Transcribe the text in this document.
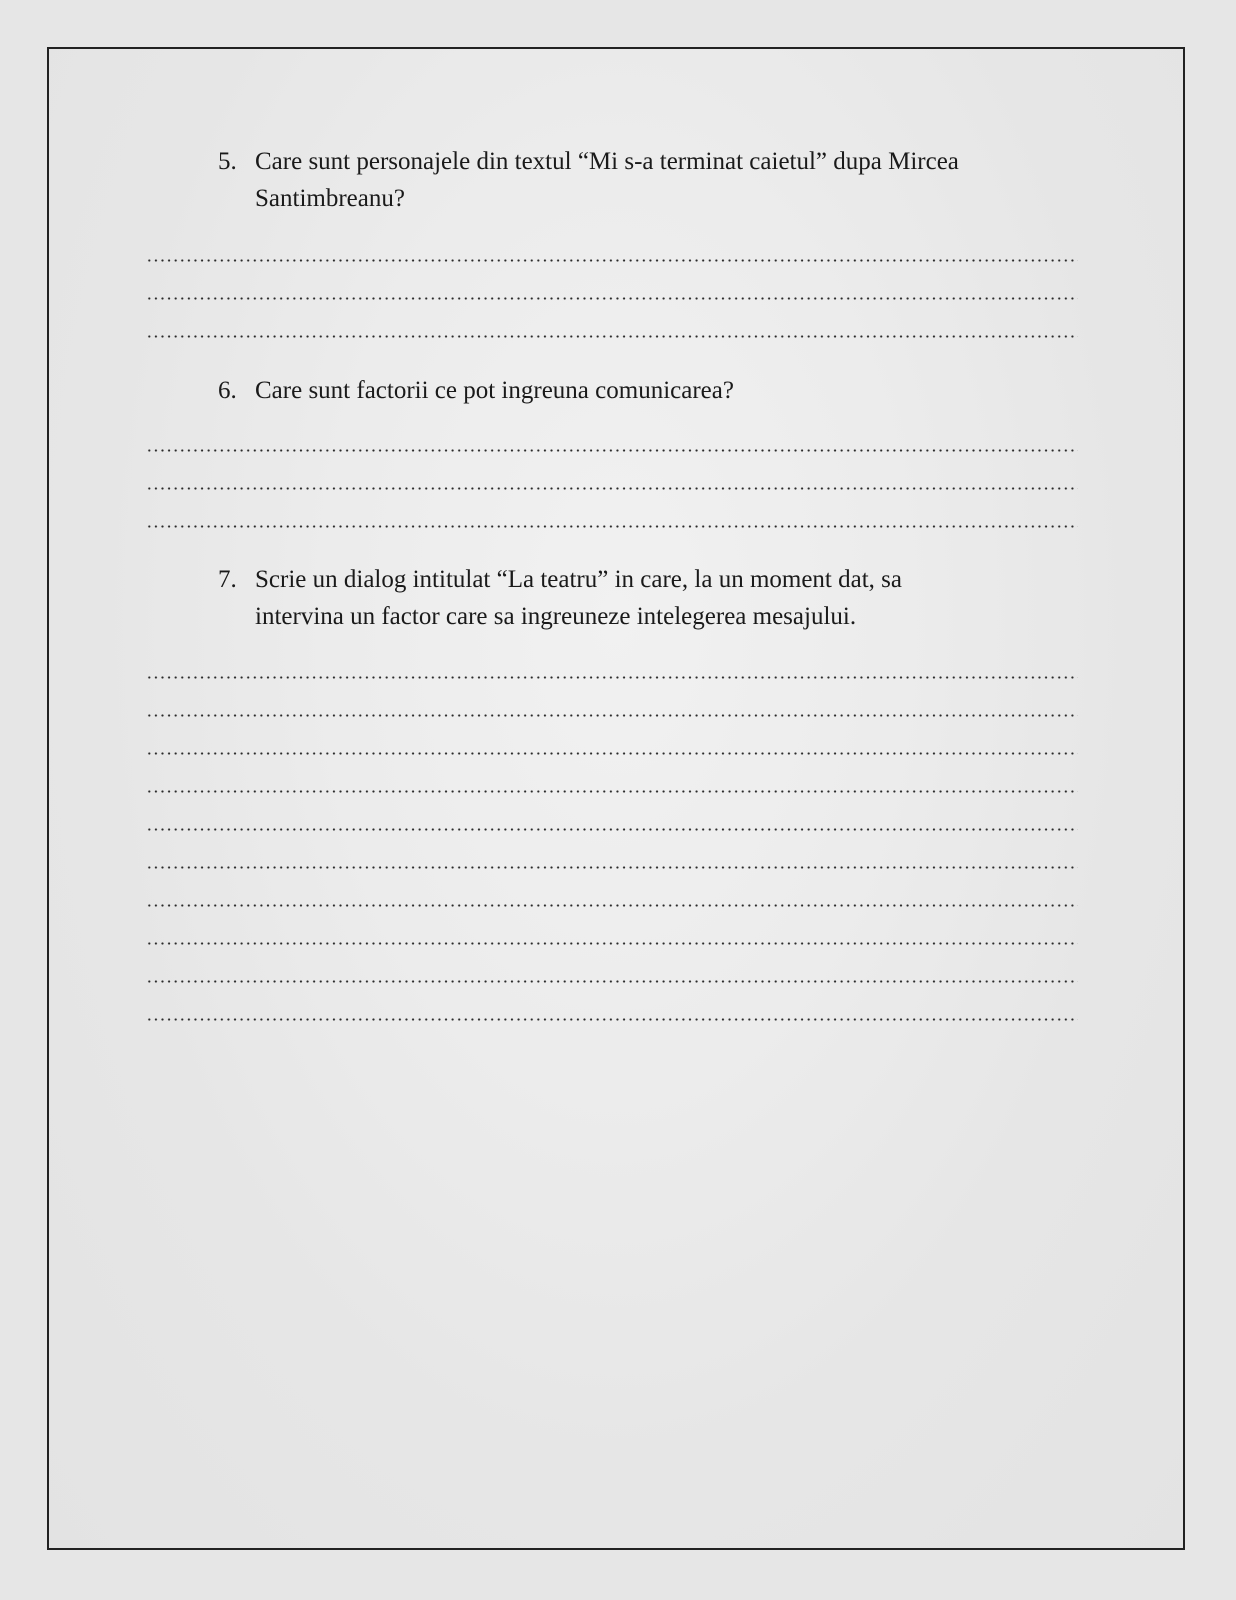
5. Care sunt personajele din textul “Mi s-a terminat caietul” dupa Mircea
Santimbreanu?
6. Care sunt factorii ce pot ingreuna comunicarea?
7. Scrie un dialog intitulat “La teatru” in care, la un moment dat, sa
intervina un factor care sa ingreuneze intelegerea mesajului.
